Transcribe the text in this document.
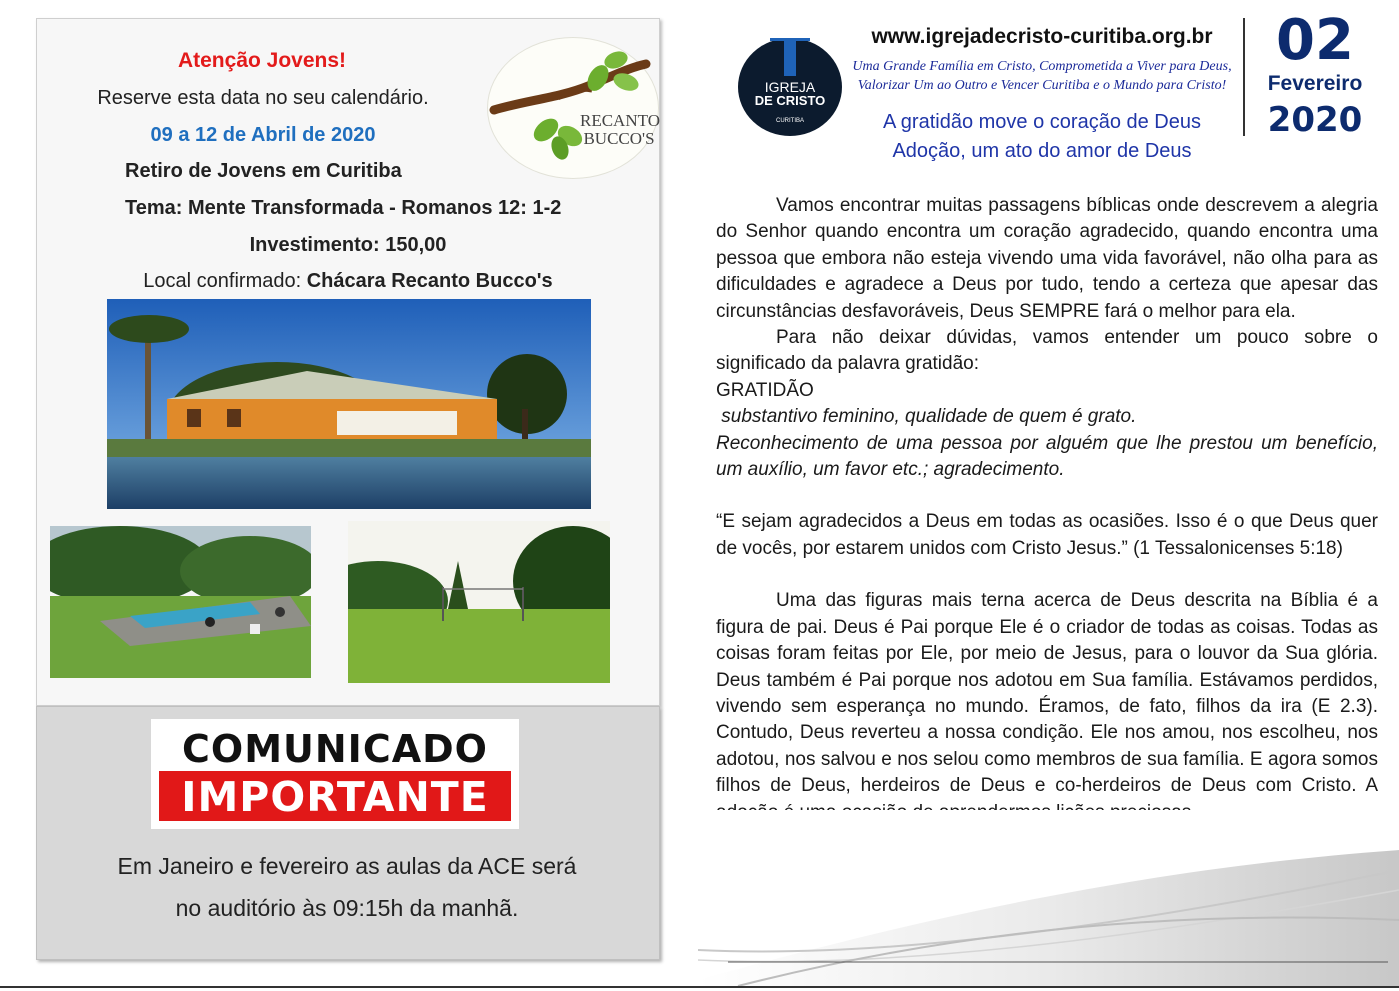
Atenção Jovens!
Reserve esta data no seu calendário.
09 a 12 de Abril de 2020
Retiro de Jovens em Curitiba
Tema: Mente Transformada - Romanos 12: 1-2
Investimento: 150,00
Local confirmado: Chácara Recanto Bucco's
RECANTO
BUCCO'S
COMUNICADO
IMPORTANTE
Em Janeiro e fevereiro as aulas da ACE será
no auditório às 09:15h da manhã.
IGREJA
DE CRISTO
CURITIBA
www.igrejadecristo-curitiba.org.br
Uma Grande Família em Cristo, Comprometida a Viver para Deus,
Valorizar Um ao Outro e Vencer Curitiba e o Mundo para Cristo!
A gratidão move o coração de Deus
Adoção, um ato do amor de Deus
02
Fevereiro
2020

Vamos encontrar muitas passagens bíblicas onde descrevem a alegria do Senhor quando encontra um coração agradecido, quando encontra uma pessoa que embora não esteja vivendo uma vida favorável, não olha para as dificuldades e agradece a Deus por tudo, tendo a certeza que apesar das circunstâncias desfavoráveis, Deus SEMPRE fará o melhor para ela.

Para não deixar dúvidas, vamos entender um pouco sobre o significado da palavra gratidão:

GRATIDÃO

substantivo feminino, qualidade de quem é grato.

Reconhecimento de uma pessoa por alguém que lhe prestou um benefício, um auxílio, um favor etc.; agradecimento.

“E sejam agradecidos a Deus em todas as ocasiões. Isso é o que Deus quer de vocês, por estarem unidos com Cristo Jesus.” (1 Tessalonicenses 5:18)

Uma das figuras mais terna acerca de Deus descrita na Bíblia é a figura de pai. Deus é Pai porque Ele é o criador de todas as coisas. Todas as coisas foram feitas por Ele, por meio de Jesus, para o louvor da Sua glória. Deus também é Pai porque nos adotou em Sua família. Estávamos perdidos, vivendo sem esperança no mundo. Éramos, de fato, filhos da ira (E 2.3). Contudo, Deus reverteu a nossa condição. Ele nos amou, nos escolheu, nos adotou, nos salvou e nos selou como membros de sua família. E agora somos filhos de Deus, herdeiros de Deus e co-herdeiros de Deus com Cristo. A
